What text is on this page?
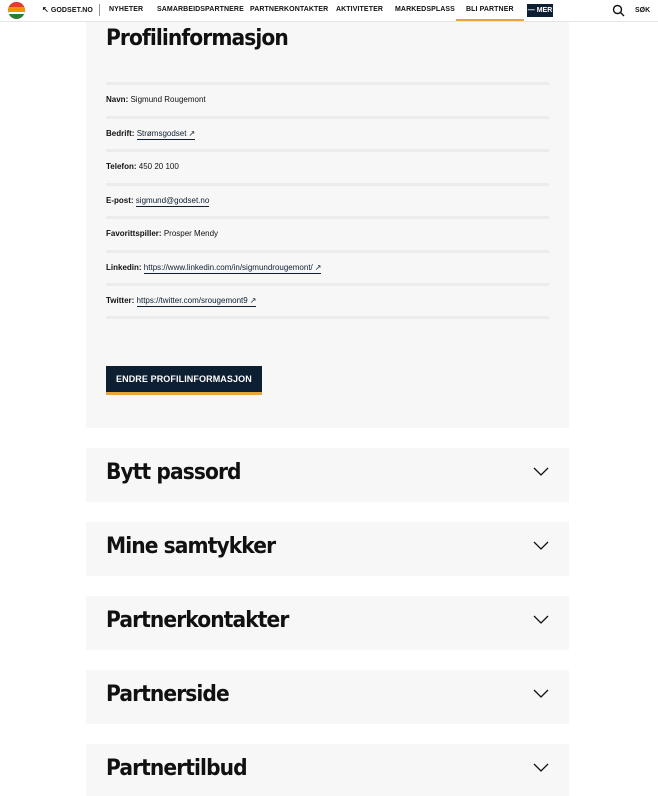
↖ GODSET.NO NYHETER SAMARBEIDSPARTNERE PARTNERKONTAKTER AKTIVITETER MARKEDSPLASS	BLI PARTNER	— MER	SØK
Profilinformasjon
Navn: Sigmund Rougemont
Bedrift: Strømsgodset ↗
Telefon: 450 20 100
E-post: sigmund@godset.no
Favorittspiller: Prosper Mendy
Linkedin: https://www.linkedin.com/in/sigmundrougemont/ ↗
Twitter: https://twitter.com/srougemont9 ↗
ENDRE PROFILINFORMASJON
Bytt passord
Mine samtykker
Partnerkontakter
Partnerside
Partnertilbud
